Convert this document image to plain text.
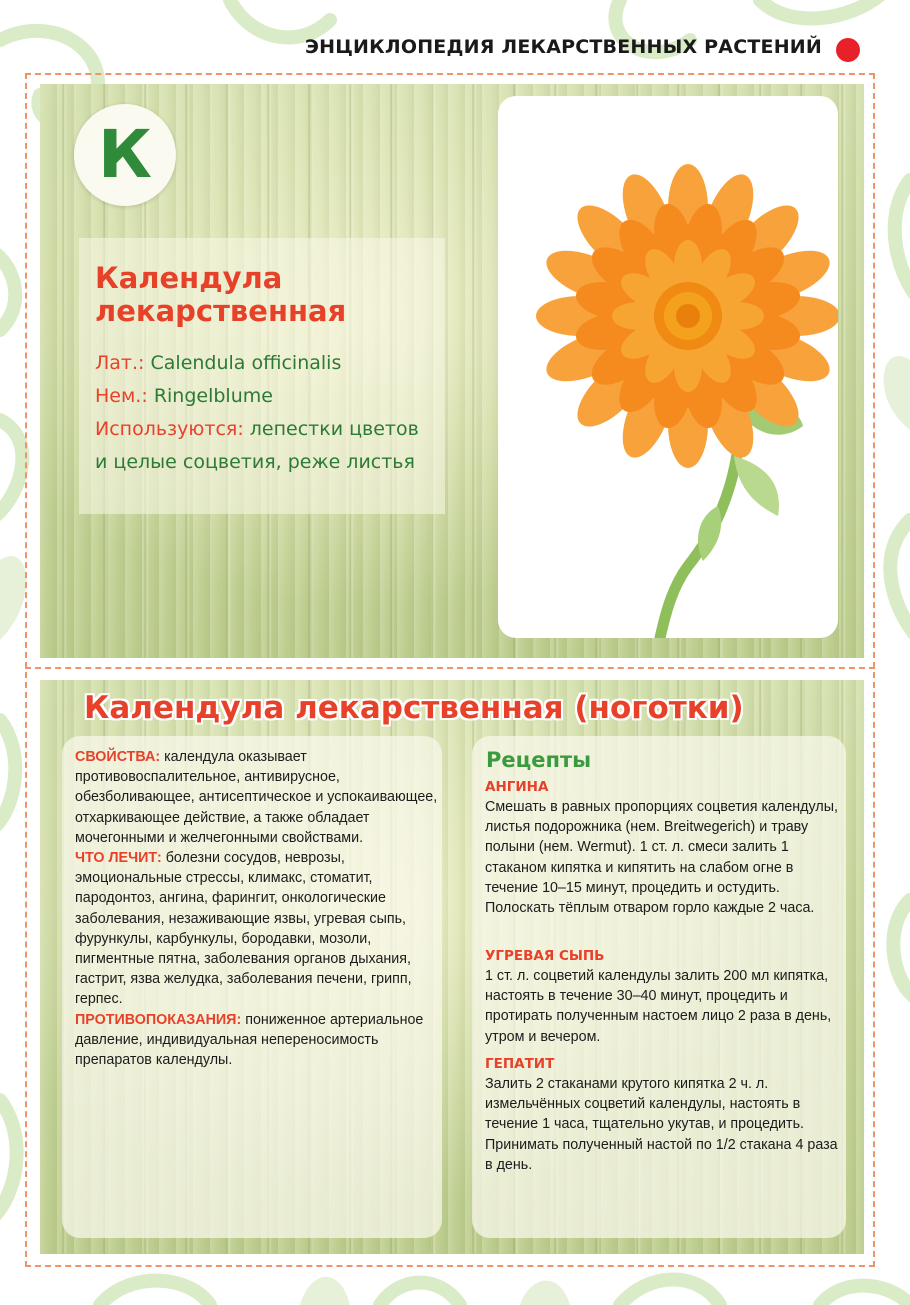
ЭНЦИКЛОПЕДИЯ ЛЕКАРСТВЕННЫХ РАСТЕНИЙ
К
Календула
лекарственная
Лат.: Calendula officinalis
Нем.: Ringelblume
Используются: лепестки цветов
и целые соцветия, реже листья
Календула лекарственная (ноготки)

СВОЙСТВА: календула оказывает противовоспалительное, антивирусное, обезболивающее, антисептическое и успокаивающее, отхаркивающее действие, а также обладает мочегонными и желчегонными свойствами.
ЧТО ЛЕЧИТ: болезни сосудов, неврозы, эмоциональные стрессы, климакс, стоматит, пародонтоз, ангина, фарингит, онкологические заболевания, незаживающие язвы, угревая сыпь, фурункулы, карбункулы, бородавки, мозоли, пигментные пятна, заболевания органов дыхания, гастрит, язва желудка, заболевания печени, грипп, герпес.
ПРОТИВОПОКАЗАНИЯ: пониженное артериальное давление, индивидуальная непереносимость препаратов календулы.

Рецепты
АНГИНА

Смешать в равных пропорциях соцветия календулы, листья подорожника (нем. Breitwegerich) и траву полыни (нем. Wermut). 1 ст. л. смеси залить 1 стаканом кипятка и кипятить на слабом огне в течение 10–15 минут, процедить и остудить. Полоскать тёплым отваром горло каждые 2 часа.

УГРЕВАЯ СЫПЬ

1 ст. л. соцветий календулы залить 200 мл кипятка, настоять в течение 30–40 минут, процедить и протирать полученным настоем лицо 2 раза в день, утром и вечером.

ГЕПАТИТ

Залить 2 стаканами крутого кипятка 2 ч. л. измельчённых соцветий календулы, настоять в течение 1 часа, тщательно укутав, и процедить. Принимать полученный настой по 1/2 стакана 4 раза в день.
